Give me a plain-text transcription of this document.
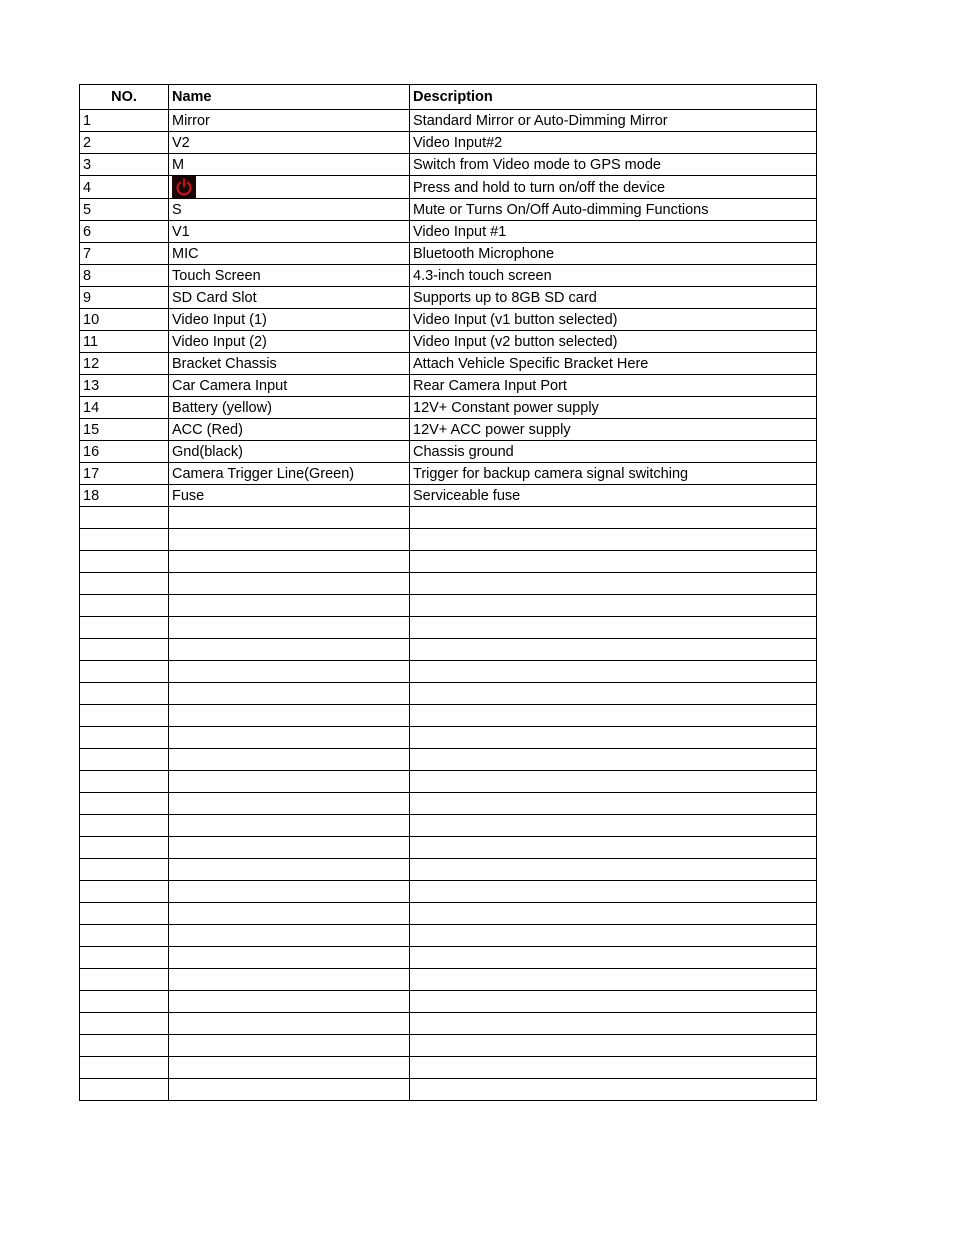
NO.	Name	Description
1	Mirror	Standard Mirror or Auto-Dimming Mirror
2	V2	Video Input#2
3	M	Switch from Video mode to GPS mode
4		Press and hold to turn on/off the device
5	S	Mute or Turns On/Off Auto-dimming Functions
6	V1	Video Input #1
7	MIC	Bluetooth Microphone
8	Touch Screen	4.3-inch touch screen
9	SD Card Slot	Supports up to 8GB SD card
10	Video Input (1)	Video Input (v1 button selected)
11	Video Input (2)	Video Input (v2 button selected)
12	Bracket Chassis	Attach Vehicle Specific Bracket Here
13	Car Camera Input	Rear Camera Input Port
14	Battery (yellow)	12V+ Constant power supply
15	ACC (Red)	12V+ ACC power supply
16	Gnd(black)	Chassis ground
17	Camera Trigger Line(Green)	Trigger for backup camera signal switching
18	Fuse	Serviceable fuse
